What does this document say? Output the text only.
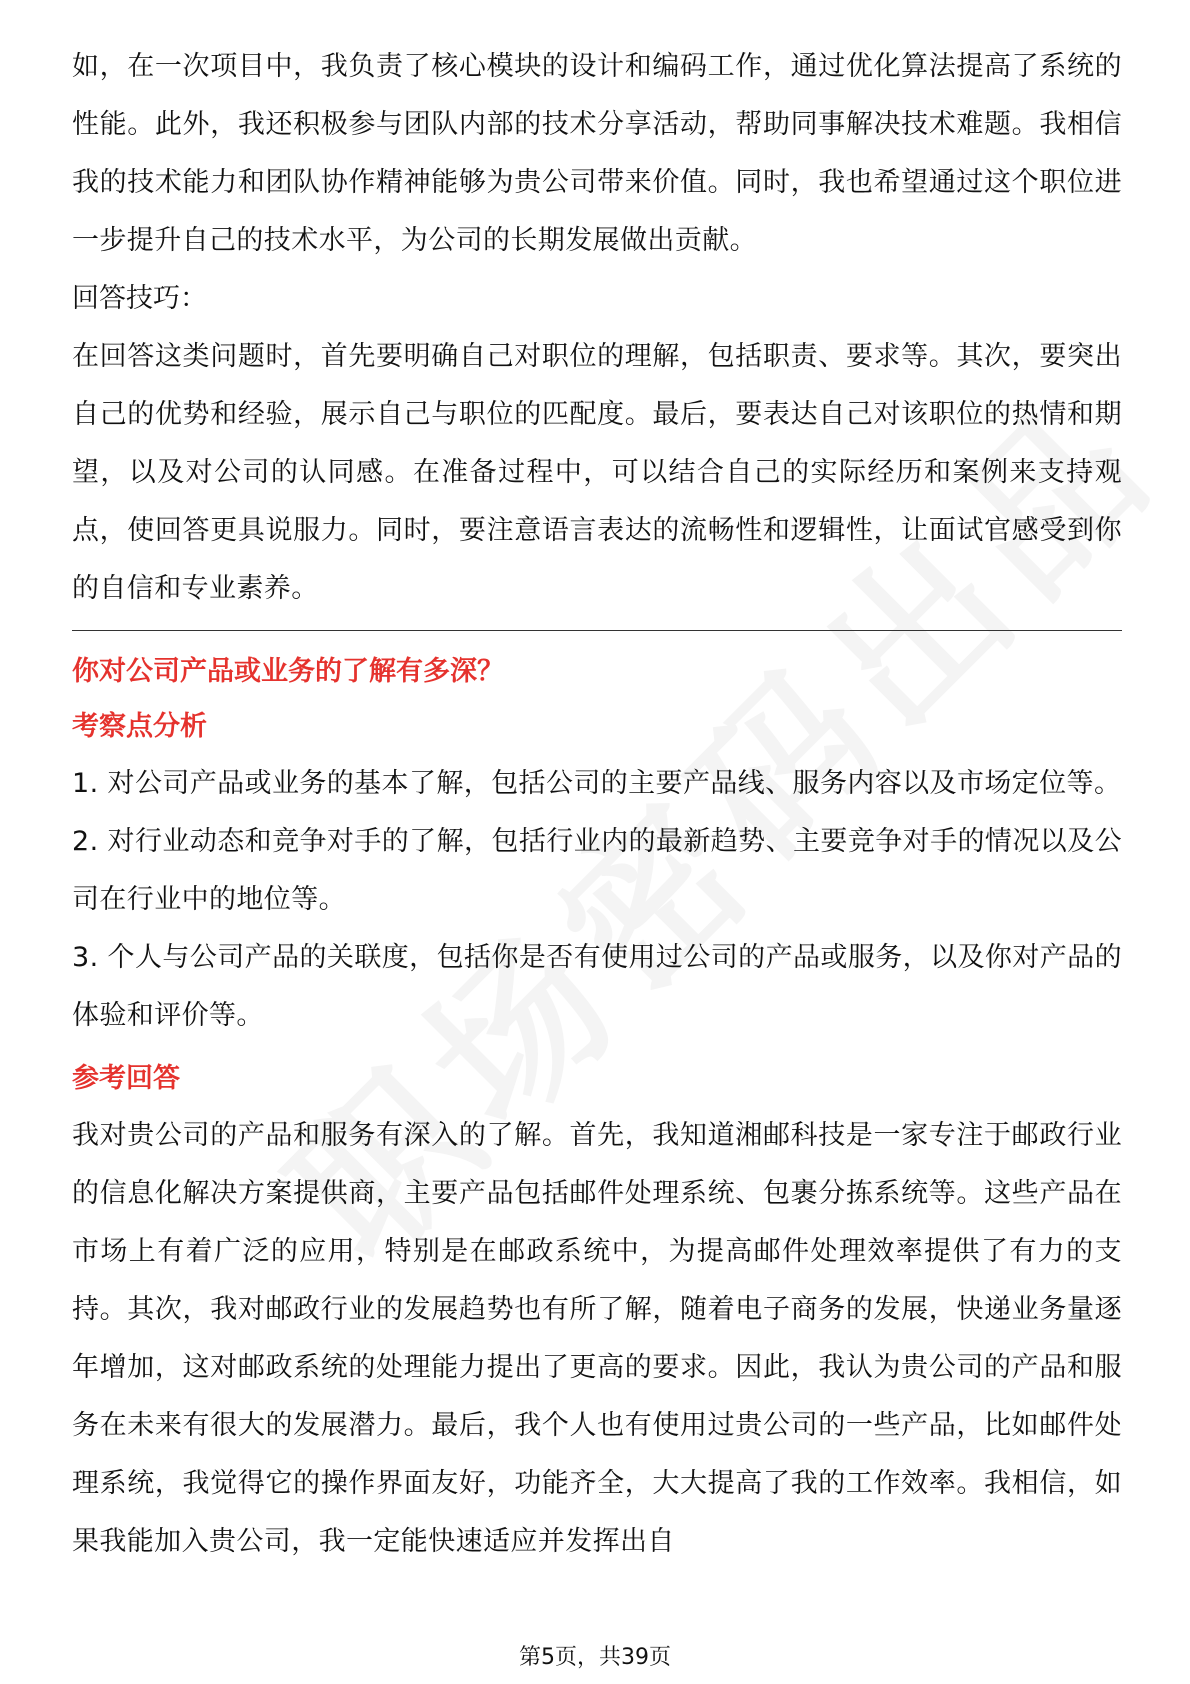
如，在一次项目中，我负责了核心模块的设计和编码工作，通过优化算法提高了系统的性能。此外，我还积极参与团队内部的技术分享活动，帮助同事解决技术难题。我相信我的技术能力和团队协作精神能够为贵公司带来价值。同时，我也希望通过这个职位进一步提升自己的技术水平，为公司的长期发展做出贡献。

回答技巧：

在回答这类问题时，首先要明确自己对职位的理解，包括职责、要求等。其次，要突出自己的优势和经验，展示自己与职位的匹配度。最后，要表达自己对该职位的热情和期望，以及对公司的认同感。在准备过程中，可以结合自己的实际经历和案例来支持观点，使回答更具说服力。同时，要注意语言表达的流畅性和逻辑性，让面试官感受到你的自信和专业素养。

你对公司产品或业务的了解有多深？

考察点分析

1. 对公司产品或业务的基本了解，包括公司的主要产品线、服务内容以及市场定位等。

2. 对行业动态和竞争对手的了解，包括行业内的最新趋势、主要竞争对手的情况以及公司在行业中的地位等。

3. 个人与公司产品的关联度，包括你是否有使用过公司的产品或服务，以及你对产品的体验和评价等。

参考回答

我对贵公司的产品和服务有深入的了解。首先，我知道湘邮科技是一家专注于邮政行业的信息化解决方案提供商，主要产品包括邮件处理系统、包裹分拣系统等。这些产品在市场上有着广泛的应用，特别是在邮政系统中，为提高邮件处理效率提供了有力的支持。其次，我对邮政行业的发展趋势也有所了解，随着电子商务的发展，快递业务量逐年增加，这对邮政系统的处理能力提出了更高的要求。因此，我认为贵公司的产品和服务在未来有很大的发展潜力。最后，我个人也有使用过贵公司的一些产品，比如邮件处理系统，我觉得它的操作界面友好，功能齐全，大大提高了我的工作效率。我相信，如果我能加入贵公司，我一定能快速适应并发挥出自

第5页，共39页
